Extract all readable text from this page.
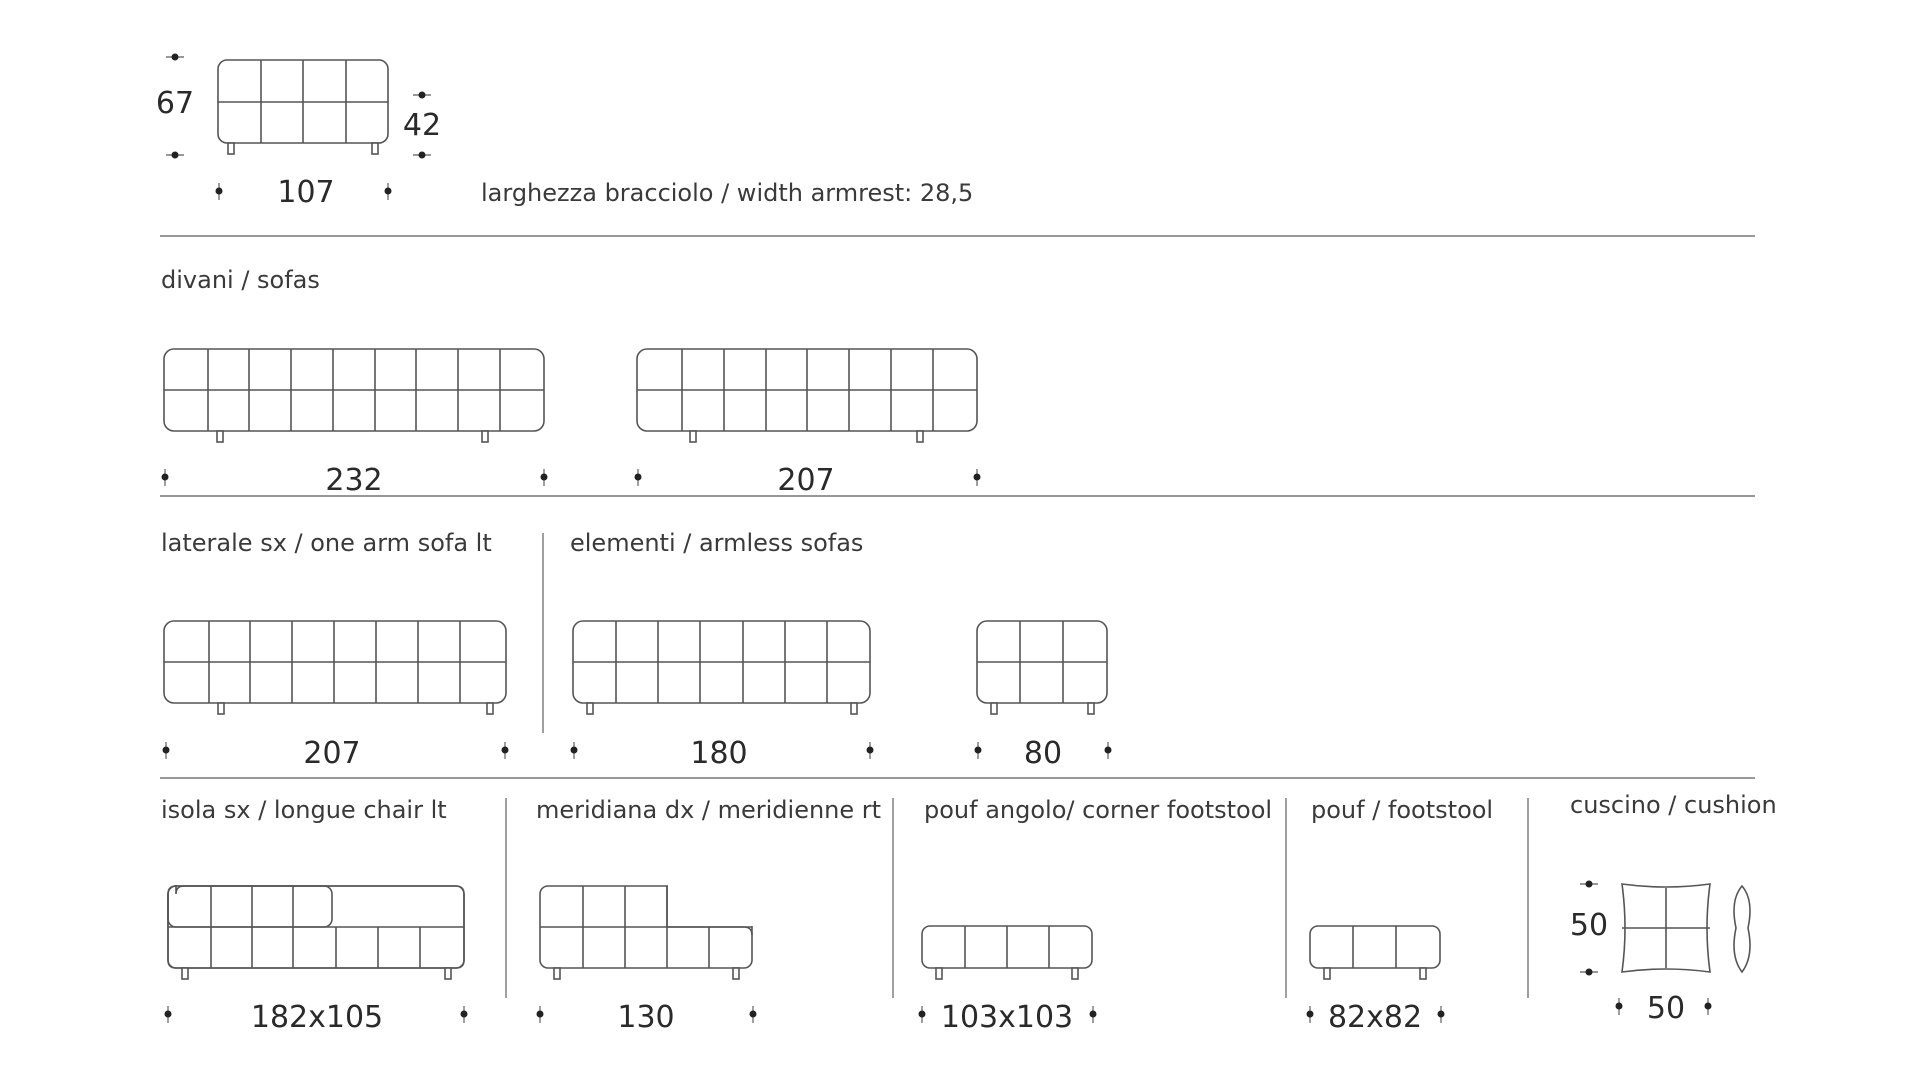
67
42
107	larghezza bracciolo / width armrest: 28,5
divani / sofas
232	207
laterale sx / one arm sofa lt	elementi / armless sofas
207	180	80
isola sx / longue chair lt	meridiana dx / meridienne rt pouf angolo/ corner footstool pouf / footstool	cuscino / cushion
182x105	130	103x103	82x82
50
50
